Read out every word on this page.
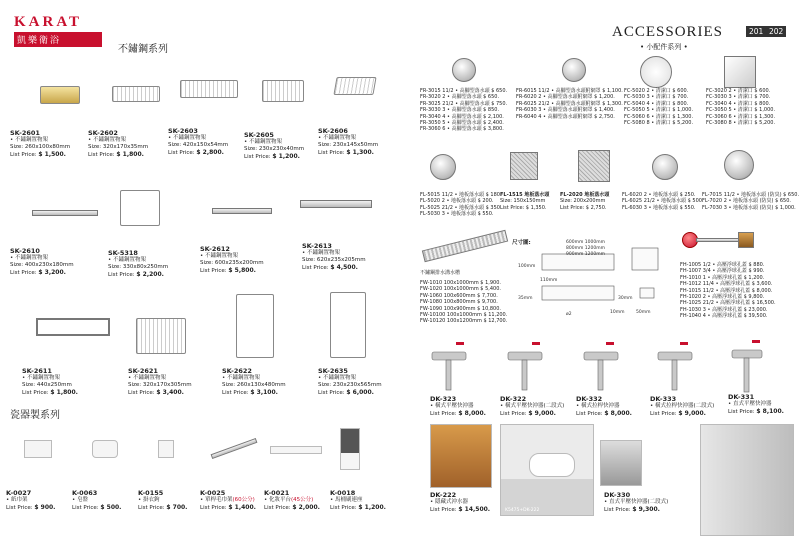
KARAT
凱樂衛浴
不鏽鋼系列
SK-2601
• 不鏽鋼置物架
Size: 260x100x80mm
List Price: $ 1,500.
SK-2602
• 不鏽鋼置物架
Size: 320x170x35mm
List Price: $ 1,800.
SK-2603
• 不鏽鋼置物架
Size: 420x150x54mm
List Price: $ 2,800.
SK-2605
• 不鏽鋼置物架
Size: 230x230x40mm
List Price: $ 1,200.
SK-2606
• 不鏽鋼置物架
Size: 230x145x50mm
List Price: $ 1,300.
SK-2610
• 不鏽鋼置物架
Size: 400x230x180mm
List Price: $ 3,200.
SK-5318
• 不鏽鋼置物架
Size: 330x80x250mm
List Price: $ 2,200.
SK-2612
• 不鏽鋼置物架
Size: 600x235x200mm
List Price: $ 5,800.
SK-2613
• 不鏽鋼置物架
Size: 620x235x205mm
List Price: $ 4,500.
SK-2611
• 不鏽鋼置物架
Size: 440x250mm
List Price: $ 1,800.
SK-2621
• 不鏽鋼置物架
Size: 320x170x305mm
List Price: $ 3,400.
SK-2622
• 不鏽鋼置物架
Size: 260x130x480mm
List Price: $ 3,100.
SK-2635
• 不鏽鋼置物架
Size: 230x230x565mm
List Price: $ 6,000.
瓷器製系列
K-0027
• 紙巾架
List Price: $ 900.
K-0063
• 皂盤
List Price: $ 500.
K-0155
• 掛衣鉤
List Price: $ 700.
K-0025
• 單桿毛巾架(60公分)
List Price: $ 1,400.
K-0021
• 化妝平台(45公分)
List Price: $ 2,000.
K-0018
• 馬桶刷連座
List Price: $ 1,200.
ACCESSORIES
• 小配件系列 •
201 202
FR-3015 11/2 • 高腳型落水頭 $ 650.
FR-3020 2 • 高腳型落水頭 $ 650.
FR-3025 21/2 • 高腳型落水頭 $ 750.
FR-3030 3 • 高腳型落水頭 $ 850.
FR-3040 4 • 高腳型落水頭 $ 2,100.
FR-3050 5 • 高腳型落水頭 $ 2,400.
FR-3060 6 • 高腳型落水頭 $ 3,800.
FR-6015 11/2 • 高腳型落水頭附網罩 $ 1,100.
FR-6020 2 • 高腳型落水頭附網罩 $ 1,200.
FR-6025 21/2 • 高腳型落水頭附網罩 $ 1,300.
FR-6030 3 • 高腳型落水頭附網罩 $ 1,400.
FR-6040 4 • 高腳型落水頭附網罩 $ 2,750.
FC-5020 2 • 清潔口 $ 600.
FC-5030 3 • 清潔口 $ 700.
FC-5040 4 • 清潔口 $ 800.
FC-5050 5 • 清潔口 $ 1,000.
FC-5060 6 • 清潔口 $ 1,300.
FC-5080 8 • 清潔口 $ 5,200.
FC-3020 2 • 清潔口 $ 600.
FC-3030 3 • 清潔口 $ 700.
FC-3040 4 • 清潔口 $ 800.
FC-3050 5 • 清潔口 $ 1,000.
FC-3060 6 • 清潔口 $ 1,300.
FC-3080 8 • 清潔口 $ 5,200.
FL-5015 11/2 • 地板落水頭 $ 180.
FL-5020 2 • 地板落水頭 $ 200.
FL-5025 21/2 • 地板落水頭 $ 350.
FL-5030 3 • 地板落水頭 $ 550.
FL-1515 地板落水頭
Size: 150x150mm
List Price: $ 1,350.
FL-2020 地板落水頭
Size: 200x200mm
List Price: $ 2,750.
FL-6020 2 • 地板落水頭 $ 250.
FL-6025 21/2 • 地板落水頭 $ 500.
FL-6030 3 • 地板落水頭 $ 550.
FL-7015 11/2 • 地板落水頭 (防臭) $ 650.
FL-7020 2 • 地板落水頭 (防臭) $ 650.
FL-7030 3 • 地板落水頭 (防臭) $ 1,000.
不鏽鋼排水溝水槽
FW-1010 100x1000mm $ 1,900.
FW-1020 100x1000mm $ 5,400.
FW-1060 100x600mm $ 7,700.
FW-1080 100x800mm $ 9,700.
FW-1090 100x900mm $ 10,800.
FW-10100 100x1000mm $ 11,200.
FW-10120 100x1200mm $ 12,700.
尺寸圖:	600mm 1000mm
800mm 1200mm
900mm 1200mm
100mm
110mm
35mm	30mm
10mm	50mm
ø2
FH-1005 1/2 • 高壓浮球孔蓋 $ 880.
FH-1007 3/4 • 高壓浮球孔蓋 $ 990.
FH-1010 1 • 高壓浮球孔蓋 $ 1,200.
FH-1012 11/4 • 高壓浮球孔蓋 $ 3,600.
FH-1015 11/2 • 高壓浮球孔蓋 $ 8,000.
FH-1020 2 • 高壓浮球孔蓋 $ 9,800.
FH-1025 21/2 • 高壓浮球孔蓋 $ 16,500.
FH-1030 3 • 高壓浮球孔蓋 $ 23,000.
FH-1040 4 • 高壓浮球孔蓋 $ 39,500.
DK-323
• 橫式平壓快沖器
List Price: $ 8,000.
DK-322
• 橫式平壓快沖器(二段式)
List Price: $ 9,000.
DK-332
• 橫式拉桿快沖器
List Price: $ 8,000.
DK-333
• 橫式拉桿快沖器(二段式)
List Price: $ 9,000.
DK-331
• 直式平壓快沖器
List Price: $ 8,100.
K5475+DK-222
DK-222
• 隱藏式沖水器
List Price: $ 14,500.
DK-330
• 直式平壓快沖器(二段式)
List Price: $ 9,300.
